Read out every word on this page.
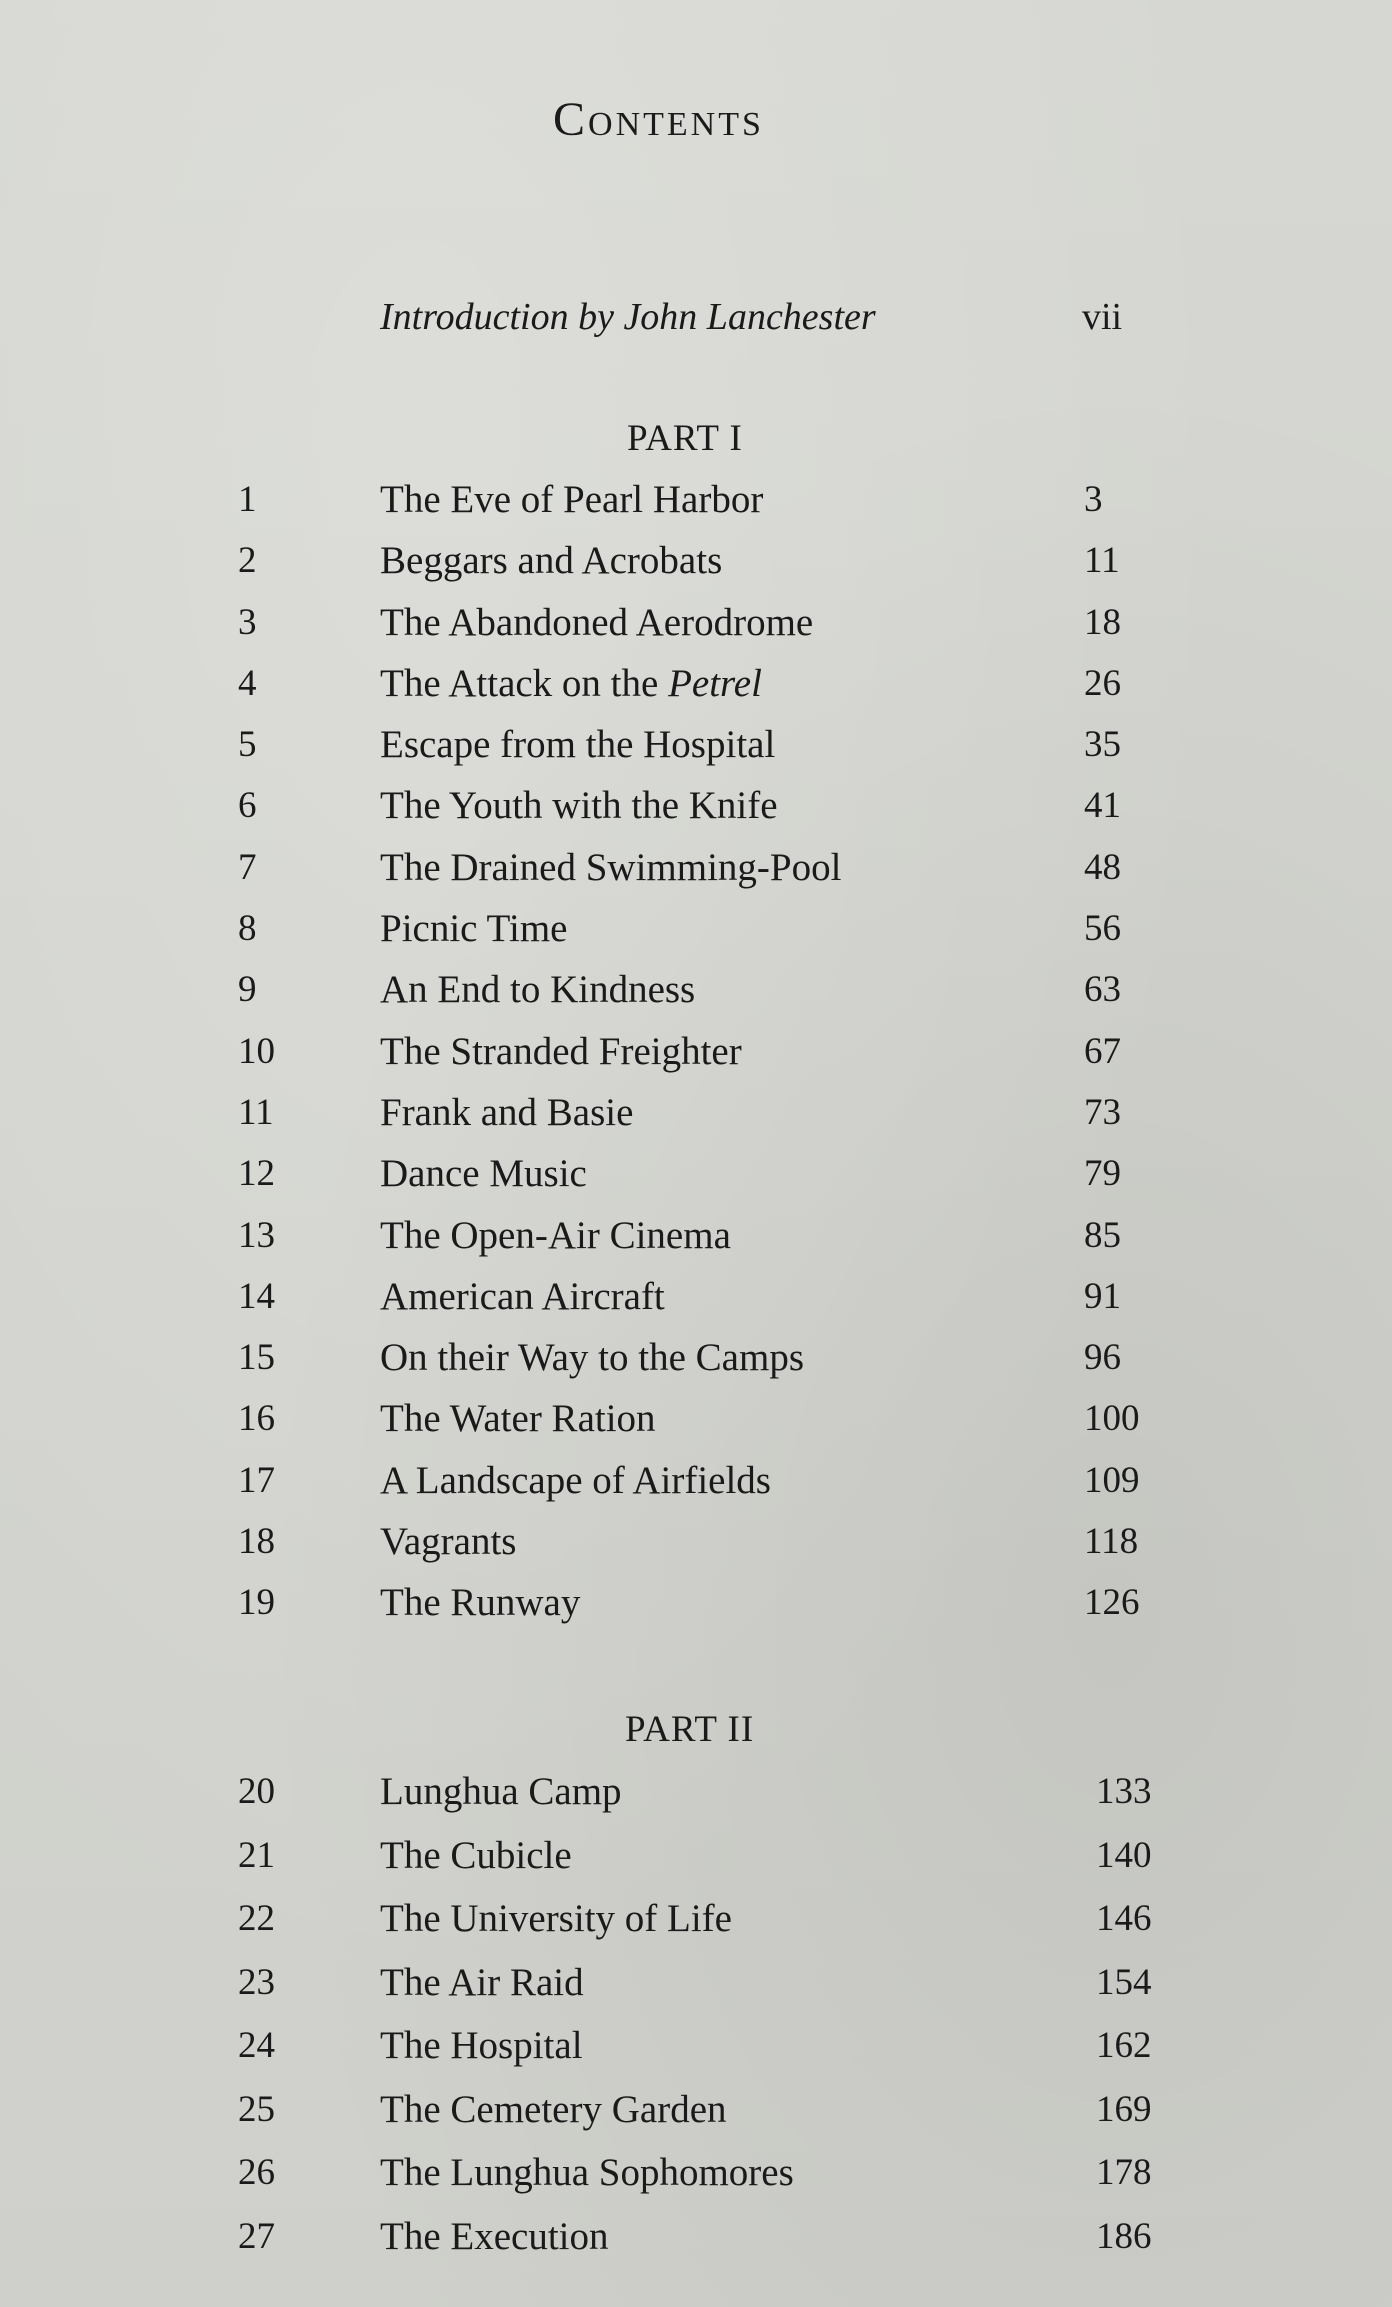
Contents
Introduction by John Lanchester	vii
PART I
1	The Eve of Pearl Harbor	3
2	Beggars and Acrobats	11
3	The Abandoned Aerodrome	18
4	The Attack on the Petrel	26
5	Escape from the Hospital	35
6	The Youth with the Knife	41
7	The Drained Swimming-Pool	48
8	Picnic Time	56
9	An End to Kindness	63
10	The Stranded Freighter	67
11	Frank and Basie	73
12	Dance Music	79
13	The Open-Air Cinema	85
14	American Aircraft	91
15	On their Way to the Camps	96
16	The Water Ration	100
17	A Landscape of Airfields	109
18	Vagrants	118
19	The Runway	126
PART II
20	Lunghua Camp	133
21	The Cubicle	140
22	The University of Life	146
23	The Air Raid	154
24	The Hospital	162
25	The Cemetery Garden	169
26	The Lunghua Sophomores	178
27	The Execution	186
